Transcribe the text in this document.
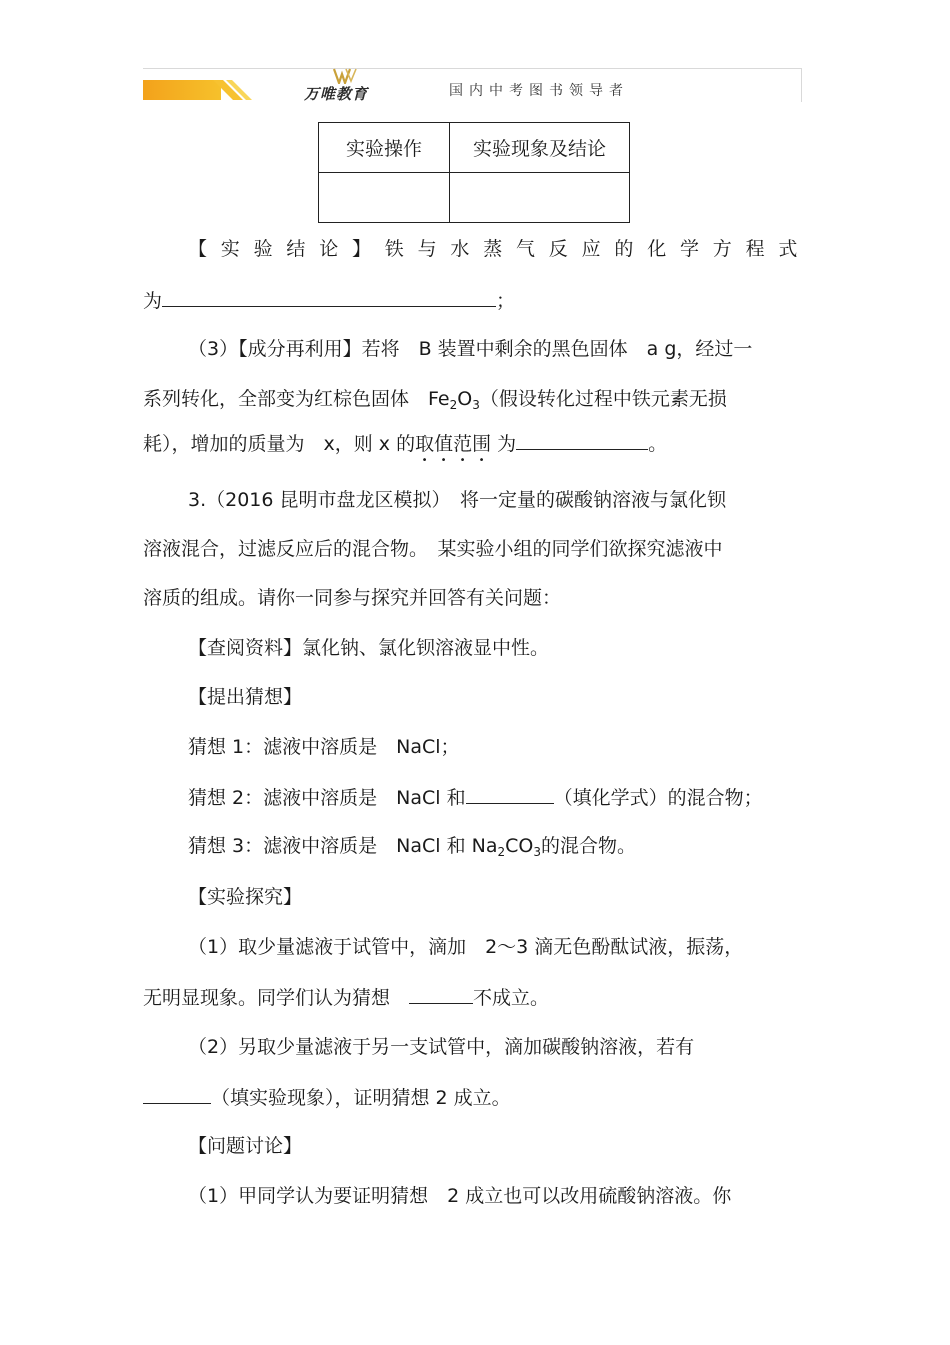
万唯教育	国内中考图书领导者
实验操作	实验现象及结论

【实验结论】铁与水蒸气反应的化学方程式
为	；
（3）【成分再利用】若将　B 装置中剩余的黑色固体　a g，经过一
系列转化，全部变为红棕色固体　$Fe_2O_3$（假设转化过程中铁元素无损
耗），增加的质量为　x，则 x 的取值范围 为	。
3.（2016 昆明市盘龙区模拟）　将一定量的碳酸钠溶液与氯化钡
溶液混合，过滤反应后的混合物。　某实验小组的同学们欲探究滤液中
溶质的组成。请你一同参与探究并回答有关问题：
【查阅资料】氯化钠、氯化钡溶液显中性。
【提出猜想】
猜想 1：滤液中溶质是　NaCl；
猜想 2：滤液中溶质是　NaCl 和	（填化学式）的混合物；
猜想 3：滤液中溶质是　NaCl 和 $Na_2CO_3$的混合物。
【实验探究】
（1）取少量滤液于试管中，滴加　2～3 滴无色酚酞试液，振荡，
无明显现象。同学们认为猜想　	不成立。
（2）另取少量滤液于另一支试管中，滴加碳酸钠溶液，若有
（填实验现象），证明猜想 2 成立。
【问题讨论】
（1）甲同学认为要证明猜想　2 成立也可以改用硫酸钠溶液。你
